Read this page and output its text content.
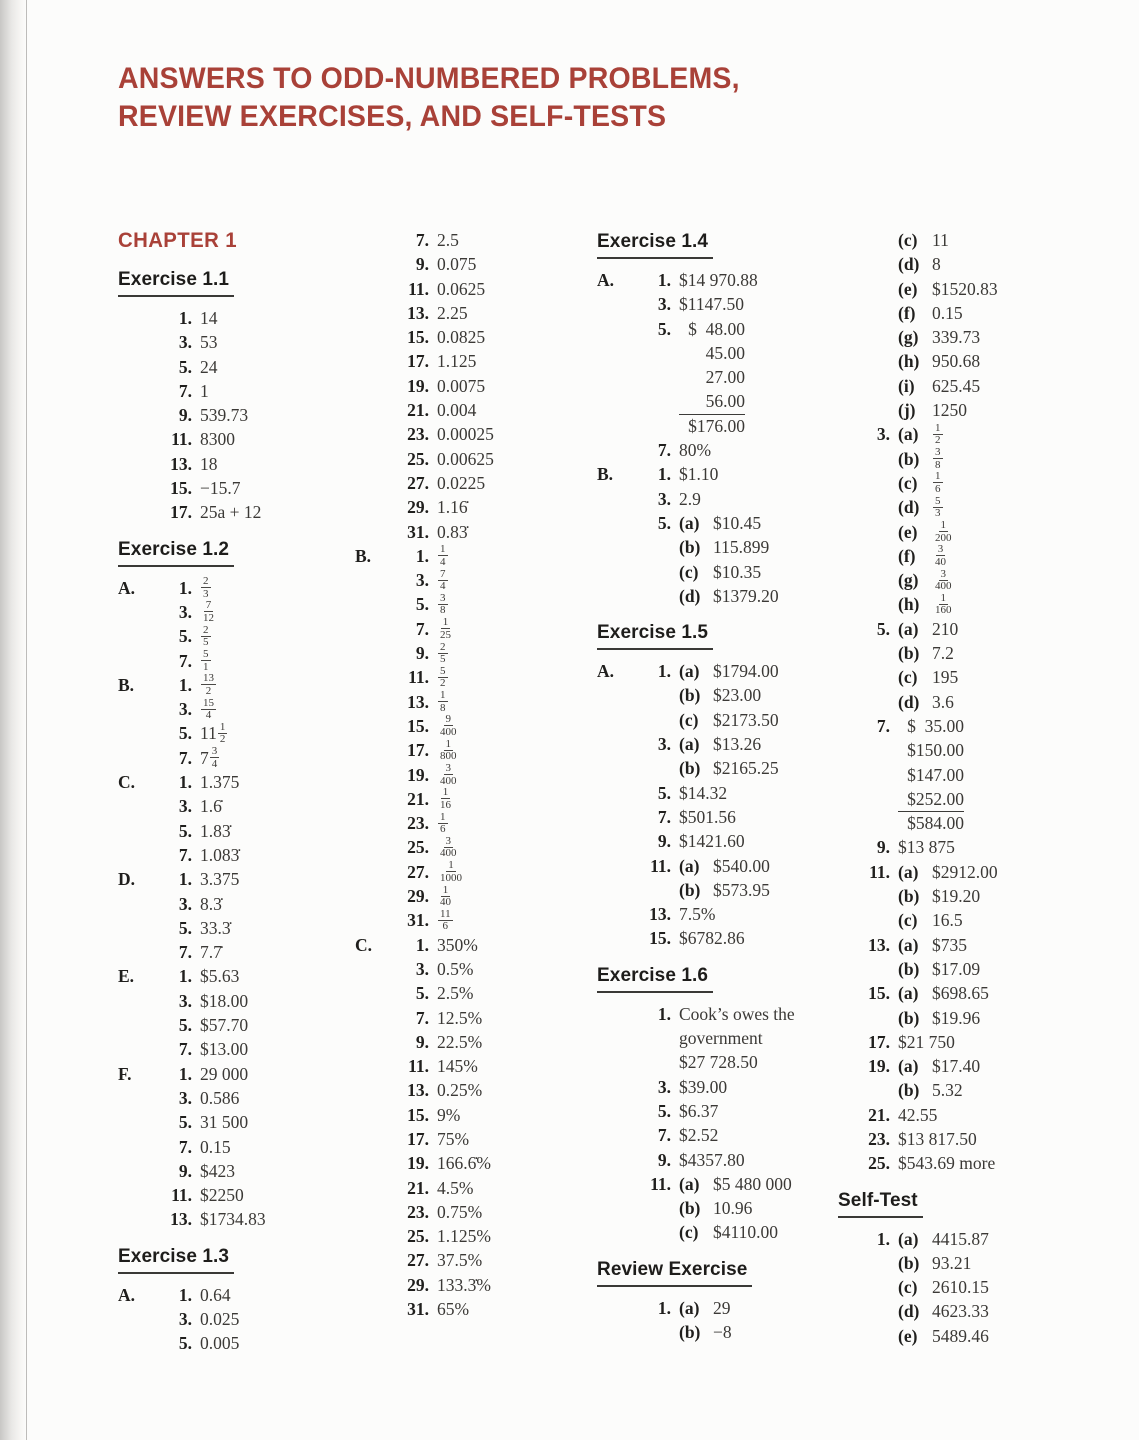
ANSWERS TO ODD-NUMBERED PROBLEMS,
REVIEW EXERCISES, AND SELF-TESTS
CHAPTER 1
Exercise 1.1
1. 14
3. 53
5. 24
7. 1
9. 539.73
11. 8300
13. 18
15. −15.7
17. 25a + 12
Exercise 1.2
A.	1. $\frac{2}{3}$
3. $\frac{7}{12}$
5. $\frac{2}{5}$
7. $\frac{5}{1}$
B.	1. $\frac{13}{2}$
3. $\frac{15}{4}$
5. $11 \frac{1}{2}$
7. $7 \frac{3}{4}$
C.	1. 1.375
3. 1.6̇
5. 1.83̇
7. 1.083̇
D.	1. 3.375
3. 8.3̇
5. 33.3̇
7. 7.7̇
E.	1. $5.63
3. $18.00
5. $57.70
7. $13.00
F.	1. 29 000
3. 0.586
5. 31 500
7. 0.15
9. $423
11. $2250
13. $1734.83
Exercise 1.3
A.	1. 0.64
3. 0.025
5. 0.005
7. 2.5
9. 0.075
11. 0.0625
13. 2.25
15. 0.0825
17. 1.125
19. 0.0075
21. 0.004
23. 0.00025
25. 0.00625
27. 0.0225
29. 1.16̇
31. 0.83̇
B.	1. $\frac{1}{4}$
3. $\frac{7}{4}$
5. $\frac{3}{8}$
7. $\frac{1}{25}$
9. $\frac{2}{5}$
11. $\frac{5}{2}$
13. $\frac{1}{8}$
15. $\frac{9}{400}$
17. $\frac{1}{800}$
19. $\frac{3}{400}$
21. $\frac{1}{16}$
23. $\frac{1}{6}$
25. $\frac{3}{400}$
27. $\frac{1}{1000}$
29. $\frac{1}{40}$
31. $\frac{11}{6}$
C.	1. 350%
3. 0.5%
5. 2.5%
7. 12.5%
9. 22.5%
11. 145%
13. 0.25%
15. 9%
17. 75%
19. 166.6̇%
21. 4.5%
23. 0.75%
25. 1.125%
27. 37.5%
29. 133.3̇%
31. 65%
Exercise 1.4
A.	1. $14 970.88
3. $1147.50
5. $  48.00
45.00
27.00
56.00
$176.00
7. 80%
B.	1. $1.10
3. 2.9
5. (a) $10.45
(b) 115.899
(c) $10.35
(d) $1379.20
Exercise 1.5
A.	1. (a) $1794.00
(b) $23.00
(c) $2173.50
3. (a) $13.26
(b) $2165.25
5. $14.32
7. $501.56
9. $1421.60
11. (a) $540.00
(b) $573.95
13. 7.5%
15. $6782.86
Exercise 1.6
1. Cook’s owes the
government
$27 728.50
3. $39.00
5. $6.37
7. $2.52
9. $4357.80
11. (a) $5 480 000
(b) 10.96
(c) $4110.00
Review Exercise
1. (a) 29
(b) −8
(c) 11
(d) 8
(e) $1520.83
(f) 0.15
(g) 339.73
(h) 950.68
(i) 625.45
(j) 1250
3. $(a) \frac{1}{2}$
$(b) \frac{3}{8}$
$(c) \frac{1}{6}$
$(d) \frac{5}{3}$
$(e) \frac{1}{200}$
$(f) \frac{3}{40}$
$(g) \frac{3}{400}$
$(h) \frac{1}{160}$
5. (a) 210
(b) 7.2
(c) 195
(d) 3.6
7. $  35.00
$150.00
$147.00
$252.00
$584.00
9. $13 875
11. (a) $2912.00
(b) $19.20
(c) 16.5
13. (a) $735
(b) $17.09
15. (a) $698.65
(b) $19.96
17. $21 750
19. (a) $17.40
(b) 5.32
21. 42.55
23. $13 817.50
25. $543.69 more
Self-Test
1. (a) 4415.87
(b) 93.21
(c) 2610.15
(d) 4623.33
(e) 5489.46
